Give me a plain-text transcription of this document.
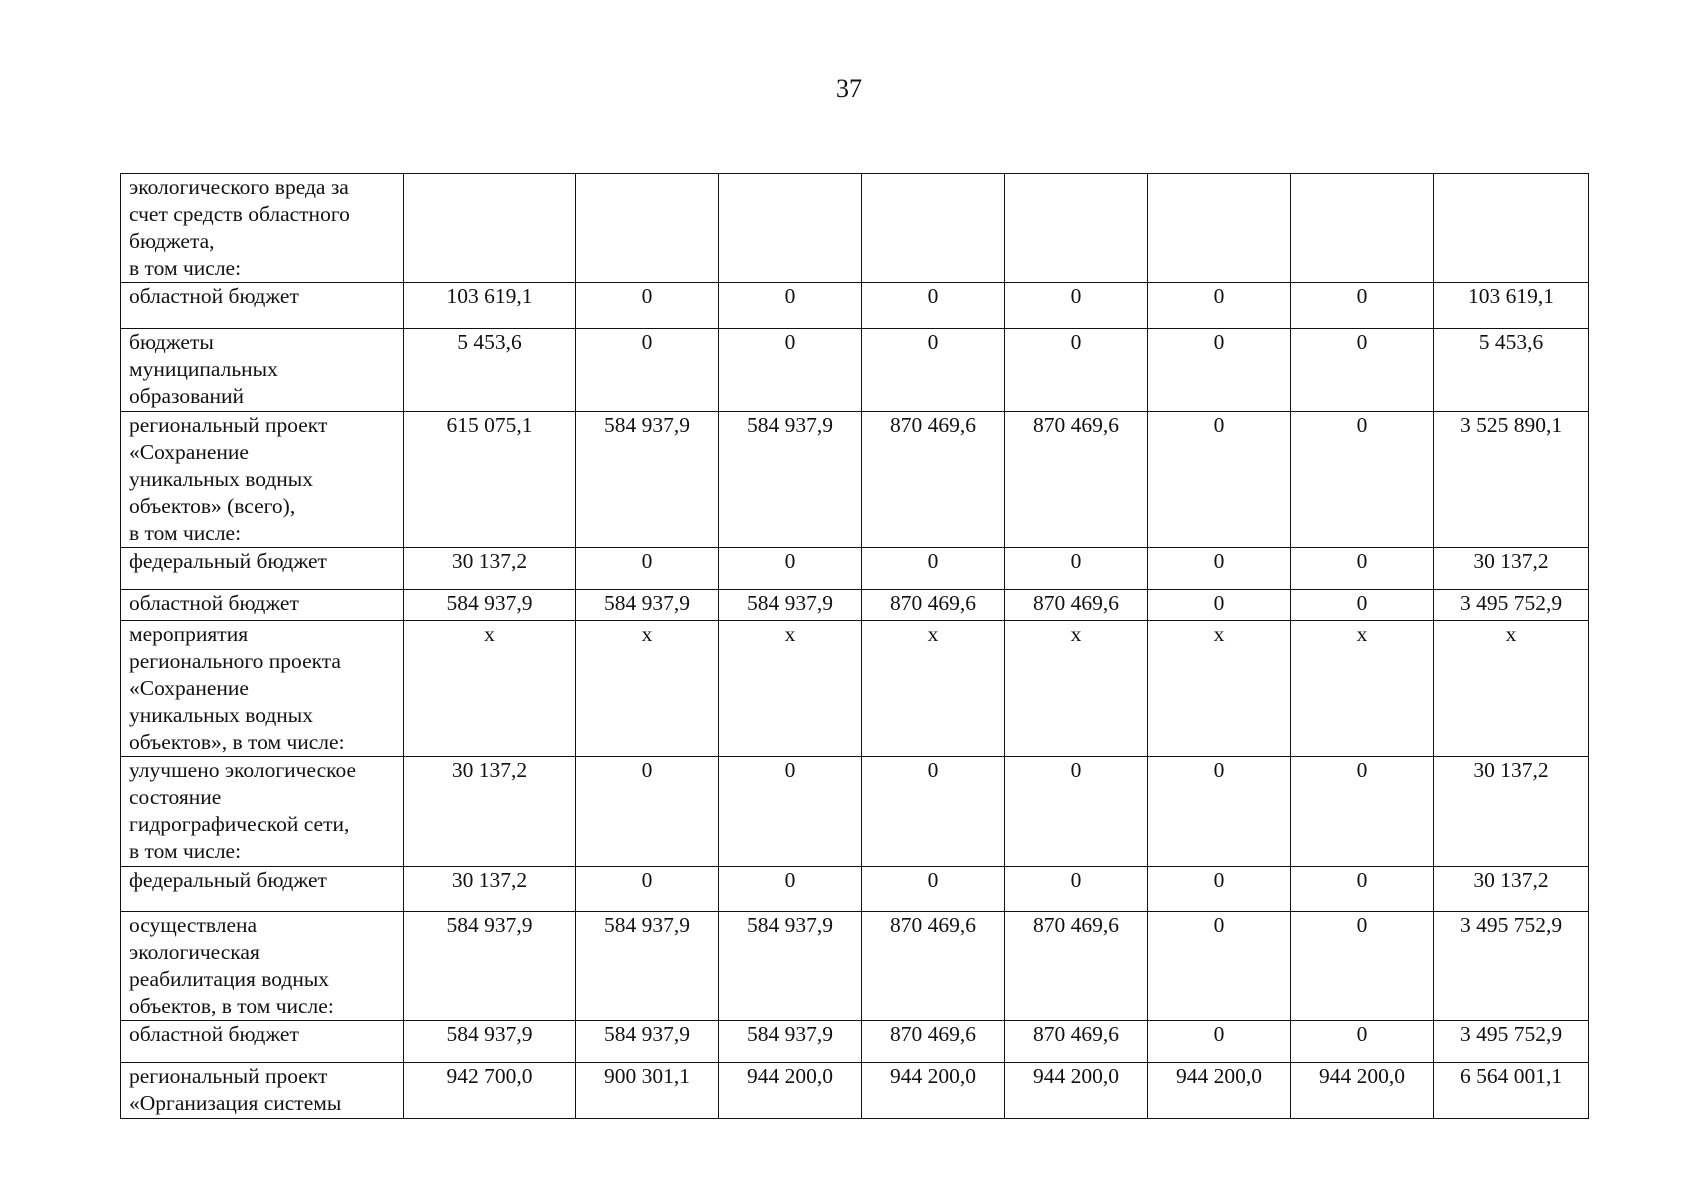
37
экологического вреда за
счет средств областного
бюджета,
в том числе:								

областной бюджет	103 619,1	0	0	0	0	0	0	103 619,1

бюджеты
муниципальных
образований	5 453,6	0	0	0	0	0	0	5 453,6

региональный проект
«Сохранение
уникальных водных
объектов» (всего),
в том числе:	615 075,1	584 937,9	584 937,9	870 469,6	870 469,6	0	0	3 525 890,1

федеральный бюджет	30 137,2	0	0	0	0	0	0	30 137,2

областной бюджет	584 937,9	584 937,9	584 937,9	870 469,6	870 469,6	0	0	3 495 752,9

мероприятия
регионального проекта
«Сохранение
уникальных водных
объектов», в том числе:	х	х	х	х	х	х	х	х

улучшено экологическое
состояние
гидрографической сети,
в том числе:	30 137,2	0	0	0	0	0	0	30 137,2

федеральный бюджет	30 137,2	0	0	0	0	0	0	30 137,2

осуществлена
экологическая
реабилитация водных
объектов, в том числе:	584 937,9	584 937,9	584 937,9	870 469,6	870 469,6	0	0	3 495 752,9

областной бюджет	584 937,9	584 937,9	584 937,9	870 469,6	870 469,6	0	0	3 495 752,9

региональный проект
«Организация системы	942 700,0	900 301,1	944 200,0	944 200,0	944 200,0	944 200,0	944 200,0	6 564 001,1
